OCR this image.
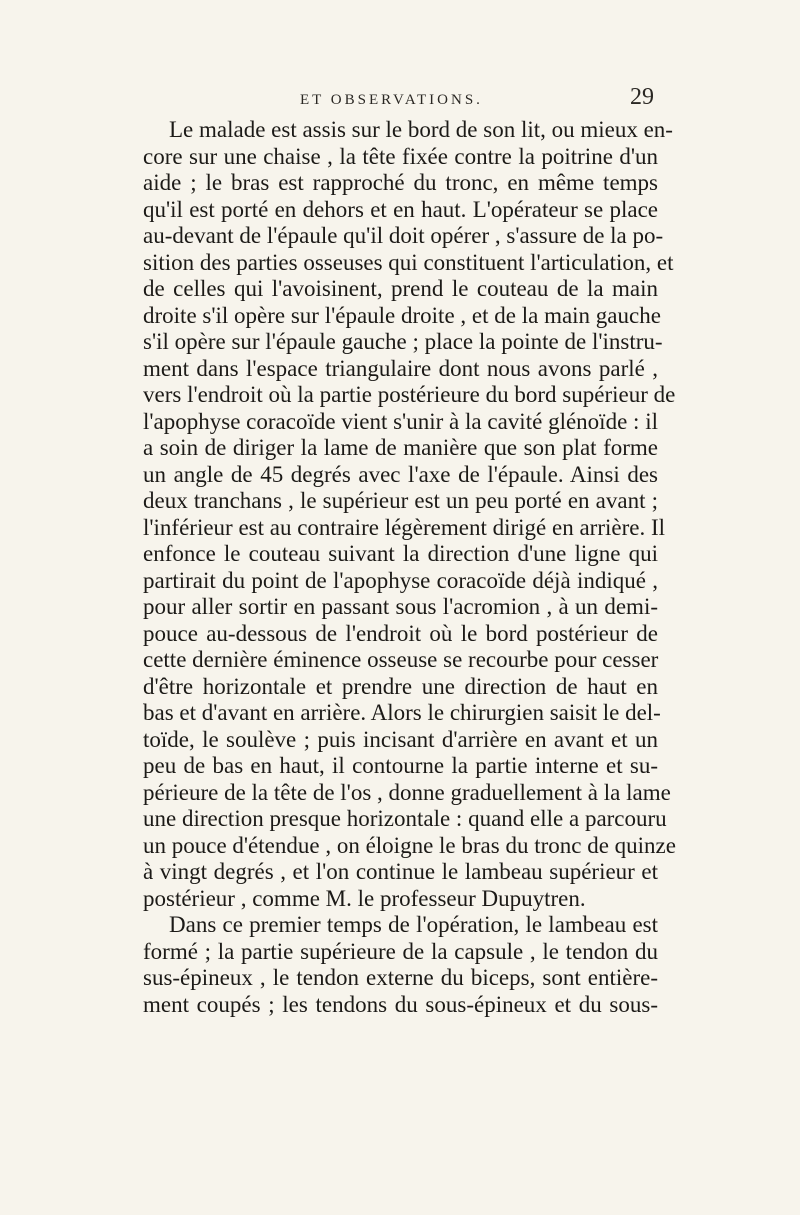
ET OBSERVATIONS.	29
Le malade est assis sur le bord de son lit, ou mieux en-
core sur une chaise , la tête fixée contre la poitrine d'un
aide ; le bras est rapproché du tronc, en même temps
qu'il est porté en dehors et en haut. L'opérateur se place
au-devant de l'épaule qu'il doit opérer , s'assure de la po-
sition des parties osseuses qui constituent l'articulation, et
de celles qui l'avoisinent, prend le couteau de la main
droite s'il opère sur l'épaule droite , et de la main gauche
s'il opère sur l'épaule gauche ; place la pointe de l'instru-
ment dans l'espace triangulaire dont nous avons parlé ,
vers l'endroit où la partie postérieure du bord supérieur de
l'apophyse coracoïde vient s'unir à la cavité glénoïde : il
a soin de diriger la lame de manière que son plat forme
un angle de 45 degrés avec l'axe de l'épaule. Ainsi des
deux tranchans , le supérieur est un peu porté en avant ;
l'inférieur est au contraire légèrement dirigé en arrière. Il
enfonce le couteau suivant la direction d'une ligne qui
partirait du point de l'apophyse coracoïde déjà indiqué ,
pour aller sortir en passant sous l'acromion , à un demi-
pouce au-dessous de l'endroit où le bord postérieur de
cette dernière éminence osseuse se recourbe pour cesser
d'être horizontale et prendre une direction de haut en
bas et d'avant en arrière. Alors le chirurgien saisit le del-
toïde, le soulève ; puis incisant d'arrière en avant et un
peu de bas en haut, il contourne la partie interne et su-
périeure de la tête de l'os , donne graduellement à la lame
une direction presque horizontale : quand elle a parcouru
un pouce d'étendue , on éloigne le bras du tronc de quinze
à vingt degrés , et l'on continue le lambeau supérieur et
postérieur , comme M. le professeur Dupuytren.
Dans ce premier temps de l'opération, le lambeau est
formé ; la partie supérieure de la capsule , le tendon du
sus-épineux , le tendon externe du biceps, sont entière-
ment coupés ; les tendons du sous-épineux et du sous-
